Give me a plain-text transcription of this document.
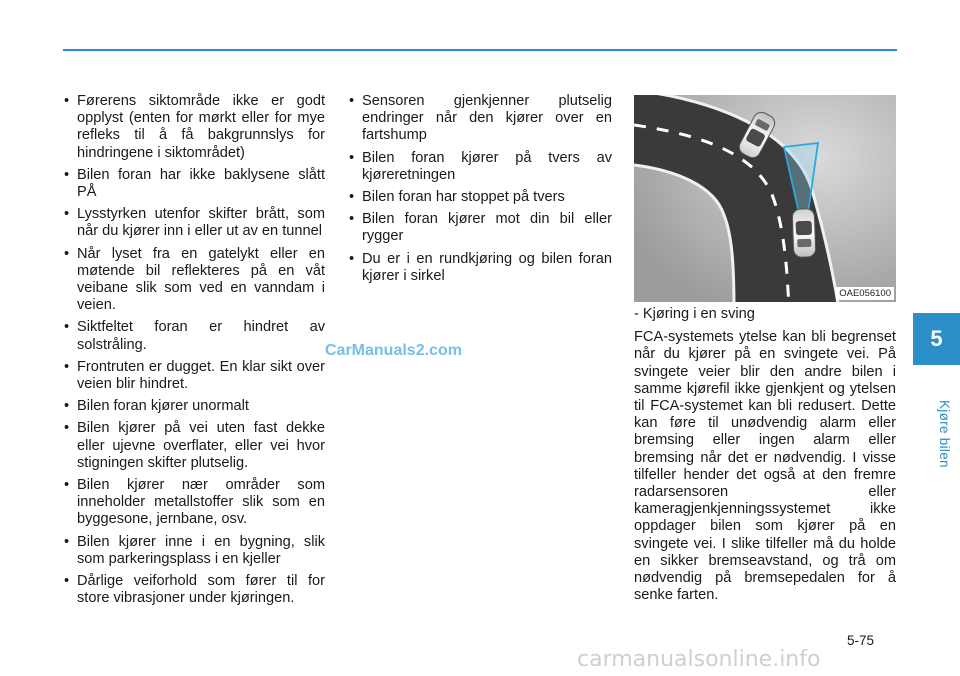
• Førerens siktområde ikke er godt opplyst (enten for mørkt eller for mye refleks til å få bakgrunnslys for hindringene i siktområdet)
• Bilen foran har ikke baklysene slått PÅ
• Lysstyrken utenfor skifter brått, som når du kjører inn i eller ut av en tunnel
• Når lyset fra en gatelykt eller en møtende bil reflekteres på en våt veibane slik som ved en vanndam i veien.
• Siktfeltet foran er hindret av solstråling.
• Frontruten er dugget. En klar sikt over veien blir hindret.
• Bilen foran kjører unormalt
• Bilen kjører på vei uten fast dekke eller ujevne overflater, eller vei hvor stigningen skifter plutselig.
• Bilen kjører nær områder som inneholder metallstoffer slik som en byggesone, jernbane, osv.
• Bilen kjører inne i en bygning, slik som parkeringsplass i en kjeller
• Dårlige veiforhold som fører til for store vibrasjoner under kjøringen.
• Sensoren gjenkjenner plutselig endringer når den kjører over en fartshump
• Bilen foran kjører på tvers av kjøreretningen
• Bilen foran har stoppet på tvers
• Bilen foran kjører mot din bil eller rygger
• Du er i en rundkjøring og bilen foran kjører i sirkel
OAE056100

- Kjøring i en sving

FCA-systemets ytelse kan bli begrenset når du kjører på en svingete vei. På svingete veier blir den andre bilen i samme kjørefil ikke gjenkjent og ytelsen til FCA-systemet kan bli redusert. Dette kan føre til unødvendig alarm eller bremsing eller ingen alarm eller bremsing når det er nødvendig. I visse tilfeller hender det også at den fremre radarsensoren eller kameragjenkjenningssystemet ikke oppdager bilen som kjører på en svingete vei. I slike tilfeller må du holde en sikker bremseavstand, og trå om nødvendig på bremsepedalen for å senke farten.

5
Kjøre bilen
5-75
CarManuals2.com
carmanualsonline.info
